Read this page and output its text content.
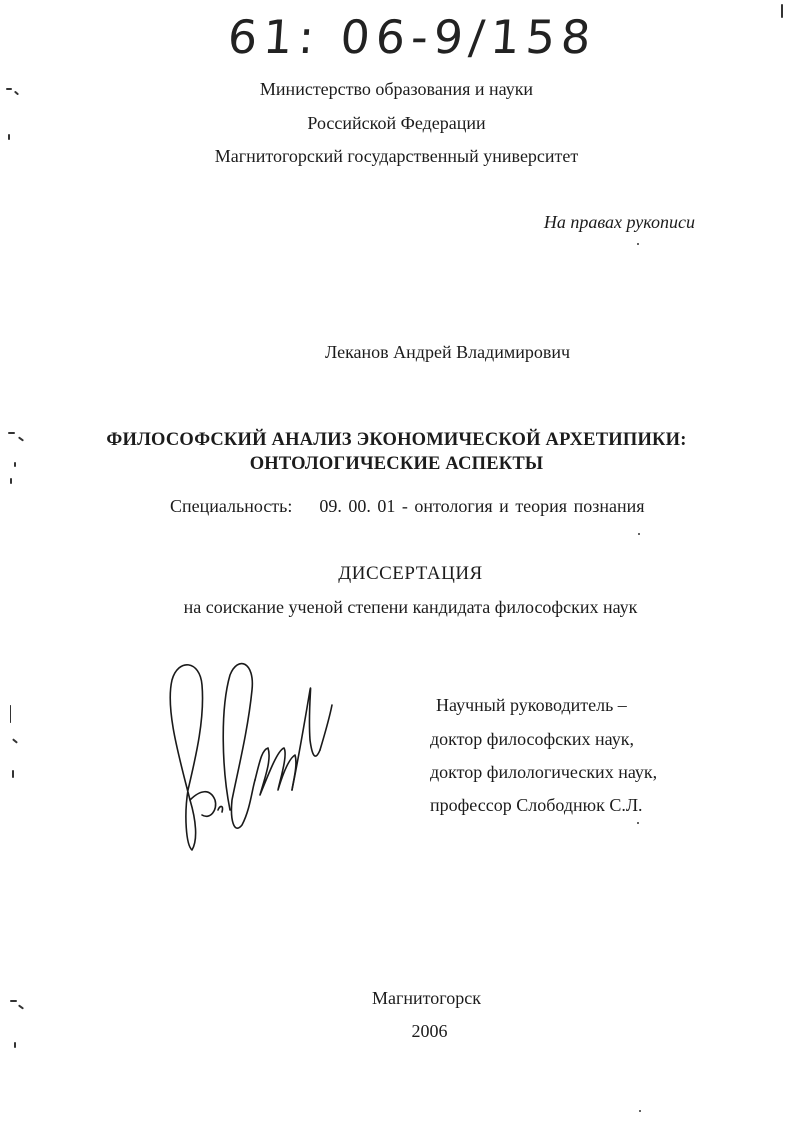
61: 06-9/158
Министерство образования и науки
Российской Федерации
Магнитогорский государственный университет
На правах рукописи
Леканов Андрей Владимирович
ФИЛОСОФСКИЙ АНАЛИЗ ЭКОНОМИЧЕСКОЙ АРХЕТИПИКИ:
ОНТОЛОГИЧЕСКИЕ АСПЕКТЫ
Специальность: 09. 00. 01 - онтология и теория познания
ДИССЕРТАЦИЯ
на соискание ученой степени кандидата философских наук
Научный руководитель –
доктор философских наук,
доктор филологических наук,
профессор Слободнюк С.Л.
Магнитогорск
2006
